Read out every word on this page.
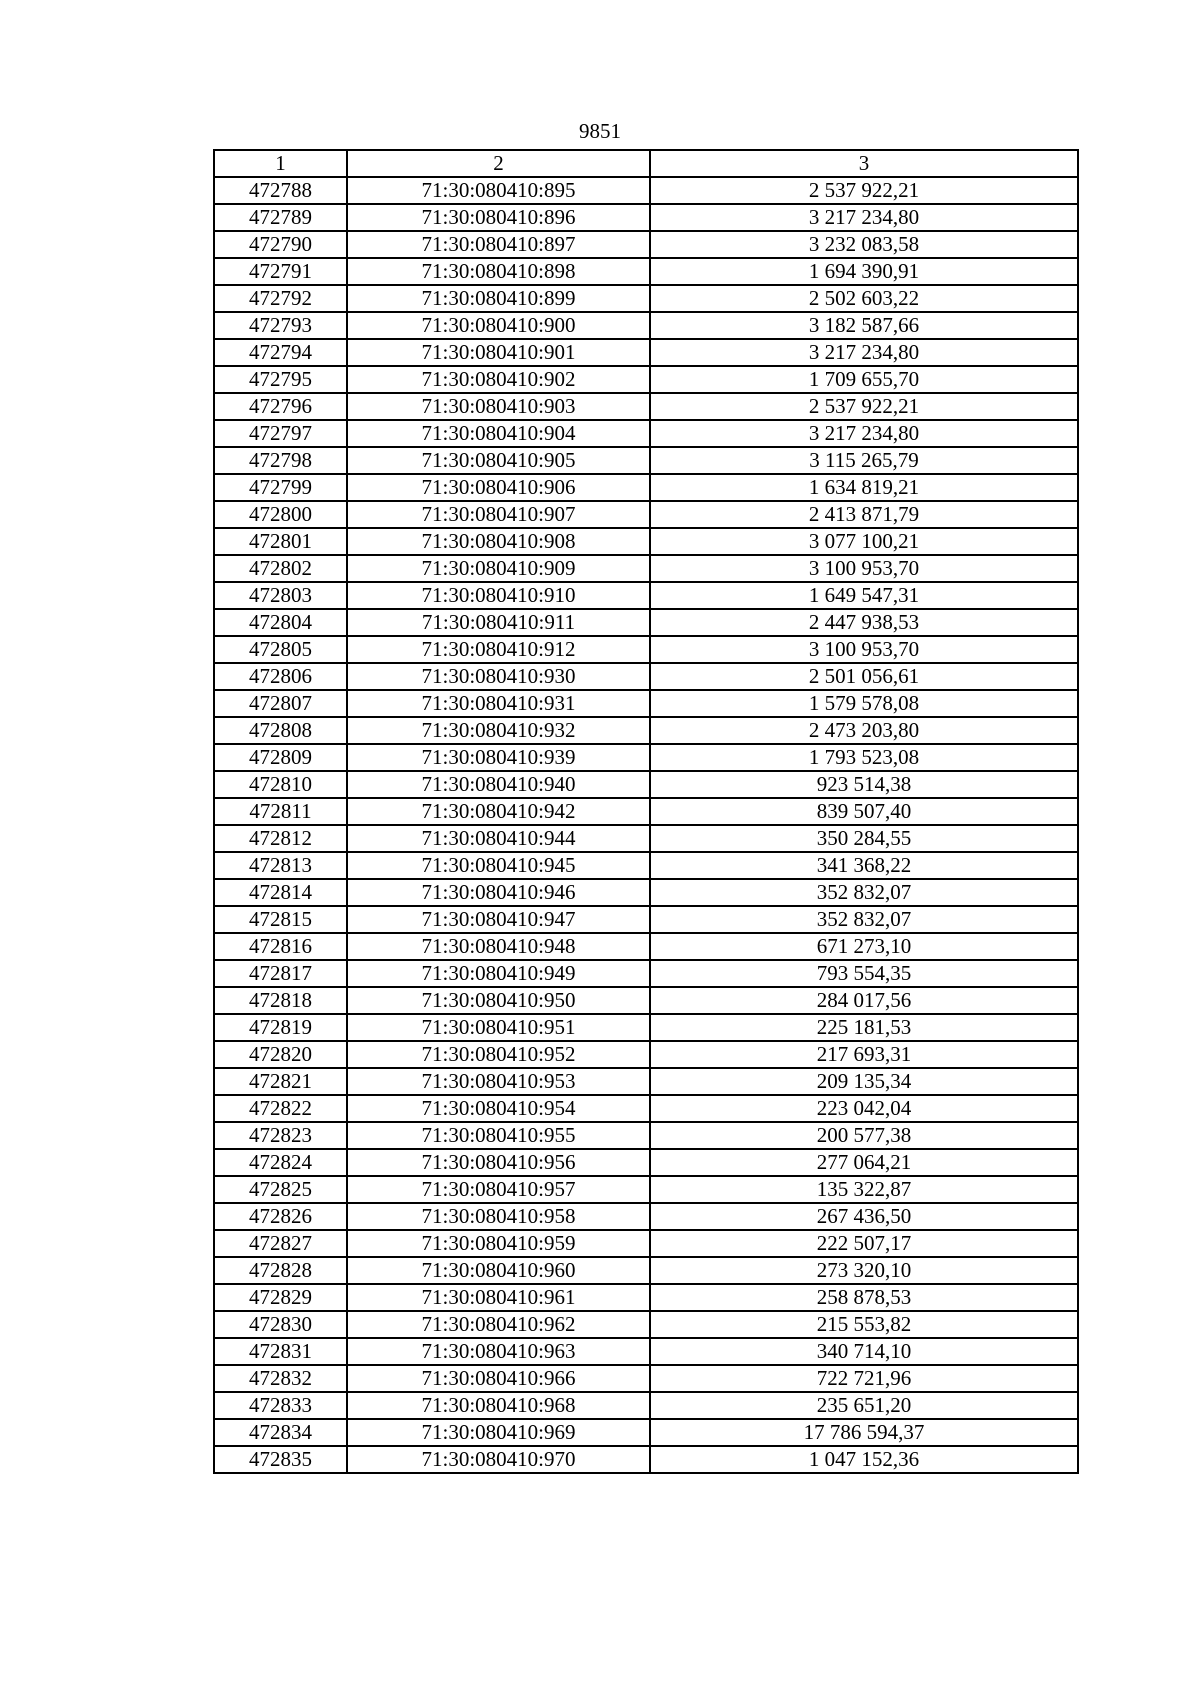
9851
1	2	3
472788	71:30:080410:895	2 537 922,21
472789	71:30:080410:896	3 217 234,80
472790	71:30:080410:897	3 232 083,58
472791	71:30:080410:898	1 694 390,91
472792	71:30:080410:899	2 502 603,22
472793	71:30:080410:900	3 182 587,66
472794	71:30:080410:901	3 217 234,80
472795	71:30:080410:902	1 709 655,70
472796	71:30:080410:903	2 537 922,21
472797	71:30:080410:904	3 217 234,80
472798	71:30:080410:905	3 115 265,79
472799	71:30:080410:906	1 634 819,21
472800	71:30:080410:907	2 413 871,79
472801	71:30:080410:908	3 077 100,21
472802	71:30:080410:909	3 100 953,70
472803	71:30:080410:910	1 649 547,31
472804	71:30:080410:911	2 447 938,53
472805	71:30:080410:912	3 100 953,70
472806	71:30:080410:930	2 501 056,61
472807	71:30:080410:931	1 579 578,08
472808	71:30:080410:932	2 473 203,80
472809	71:30:080410:939	1 793 523,08
472810	71:30:080410:940	923 514,38
472811	71:30:080410:942	839 507,40
472812	71:30:080410:944	350 284,55
472813	71:30:080410:945	341 368,22
472814	71:30:080410:946	352 832,07
472815	71:30:080410:947	352 832,07
472816	71:30:080410:948	671 273,10
472817	71:30:080410:949	793 554,35
472818	71:30:080410:950	284 017,56
472819	71:30:080410:951	225 181,53
472820	71:30:080410:952	217 693,31
472821	71:30:080410:953	209 135,34
472822	71:30:080410:954	223 042,04
472823	71:30:080410:955	200 577,38
472824	71:30:080410:956	277 064,21
472825	71:30:080410:957	135 322,87
472826	71:30:080410:958	267 436,50
472827	71:30:080410:959	222 507,17
472828	71:30:080410:960	273 320,10
472829	71:30:080410:961	258 878,53
472830	71:30:080410:962	215 553,82
472831	71:30:080410:963	340 714,10
472832	71:30:080410:966	722 721,96
472833	71:30:080410:968	235 651,20
472834	71:30:080410:969	17 786 594,37
472835	71:30:080410:970	1 047 152,36
